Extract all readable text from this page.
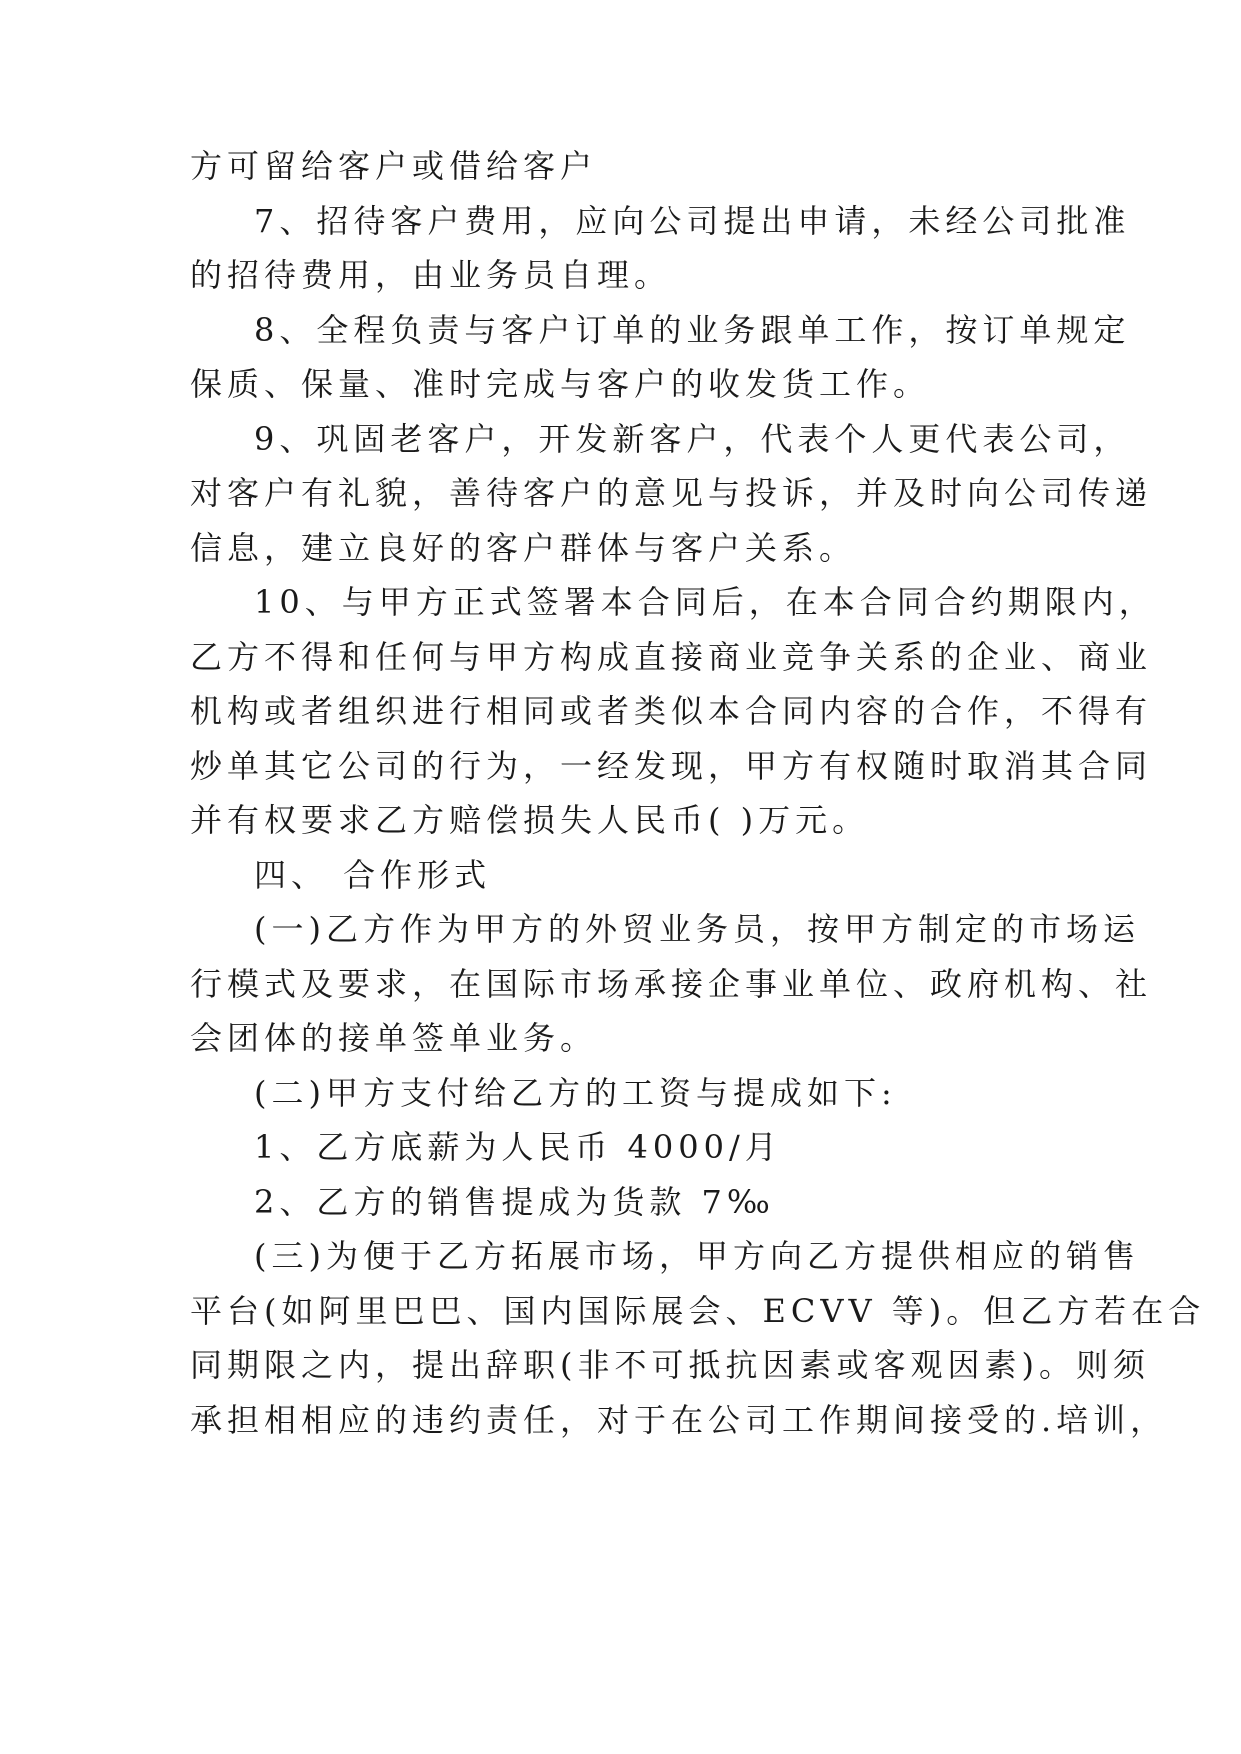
方可留给客户或借给客户

7、招待客户费用，应向公司提出申请，未经公司批准

的招待费用，由业务员自理。

8、全程负责与客户订单的业务跟单工作，按订单规定

保质、保量、准时完成与客户的收发货工作。

9、巩固老客户，开发新客户，代表个人更代表公司，

对客户有礼貌，善待客户的意见与投诉，并及时向公司传递

信息，建立良好的客户群体与客户关系。

10、与甲方正式签署本合同后，在本合同合约期限内，

乙方不得和任何与甲方构成直接商业竞争关系的企业、商业

机构或者组织进行相同或者类似本合同内容的合作，不得有

炒单其它公司的行为，一经发现，甲方有权随时取消其合同

并有权要求乙方赔偿损失人民币( )万元。

四、 合作形式

(一)乙方作为甲方的外贸业务员，按甲方制定的市场运

行模式及要求，在国际市场承接企事业单位、政府机构、社

会团体的接单签单业务。

(二)甲方支付给乙方的工资与提成如下:

1、乙方底薪为人民币 4000/月

2、乙方的销售提成为货款 7‰

(三)为便于乙方拓展市场，甲方向乙方提供相应的销售

平台(如阿里巴巴、国内国际展会、ECVV 等)。但乙方若在合

同期限之内，提出辞职(非不可抵抗因素或客观因素)。则须

承担相相应的违约责任，对于在公司工作期间接受的.培训，
